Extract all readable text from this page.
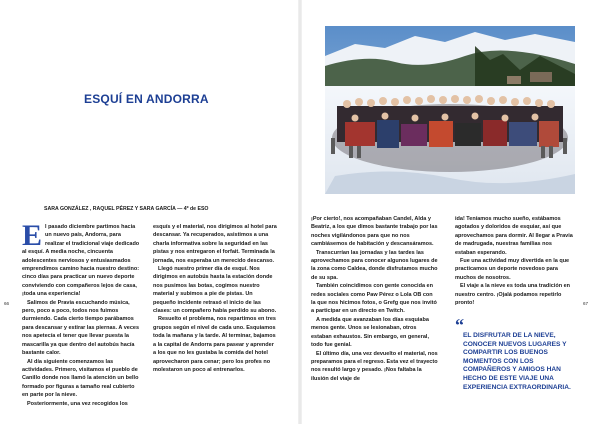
ESQUÍ EN ANDORRA
SARA GONZÁLEZ , RAQUEL PÉREZ Y SARA GARCÍA — 4º de ESO
E l pasado diciembre partimos hacia un nuevo país, Andorra, para realizar el tradicional viaje dedicado al esquí. A media noche, cincuenta adolescentes nerviosos y entusiasmados emprendimos camino hacia nuestro destino: cinco días para practicar un nuevo deporte conviviendo con compañeros lejos de casa, ¡toda una experiencia!

Salimos de Pravia escuchando música, pero, poco a poco, todos nos fuimos durmiendo. Cada cierto tiempo parábamos para descansar y estirar las piernas. A veces nos apetecía el tener que llevar puesta la mascarilla ya que dentro del autobús hacía bastante calor.

Al día siguiente comenzamos las actividades. Primero, visitamos el pueblo de Canillo donde nos llamó la atención un bello formado por figuras a tamaño real cubierto en parte por la nieve.

Posteriormente, una vez recogidos los

esquís y el material, nos dirigimos al hotel para descansar. Ya recuperados, asistimos a una charla informativa sobre la seguridad en las pistas y nos entregaron el forfait. Terminada la jornada, nos esperaba un merecido descanso.

Llegó nuestro primer día de esquí. Nos dirigimos en autobús hasta la estación donde nos pusimos las botas, cogimos nuestro material y subimos a pie de pistas. Un pequeño incidente retrasó el inicio de las clases: un compañero había perdido su abono.

Resuelto el problema, nos repartimos en tres grupos según el nivel de cada uno. Esquiamos toda la mañana y la tarde. Al terminar, bajamos a la capital de Andorra para pasear y aprender a los que no les gustaba la comida del hotel aprovecharon para cenar; pero los profes no molestaron un poco al entrenarlos.

66	67

¡Por cierto!, nos acompañaban Candel, Alda y Beatriz, a los que dimos bastante trabajo por las noches vigilándonos para que no nos cambiásemos de habitación y descansáramos.

Transcurrían las jornadas y las tardes las aprovechamos para conocer algunos lugares de la zona como Caldea, donde disfrutamos mucho de su spa.

También coincidimos con gente conocida en redes sociales como Paw Pérez o Lola OB con la que nos hicimos fotos, o Grefg que nos invitó a participar en un directo en Twitch.

A medida que avanzaban los días esquiaba menos gente. Unos se lesionaban, otros estaban exhaustos. Sin embargo, en general, todo fue genial.

El último día, una vez devuelto el material, nos preparamos para el regreso. Esta vez el trayecto nos resultó largo y pesado. ¡Nos faltaba la ilusión del viaje de

ida! Teníamos mucho sueño, estábamos agotados y doloridos de esquiar, así que aprovechamos para dormir. Al llegar a Pravia de madrugada, nuestras familias nos estaban esperando.

Fue una actividad muy divertida en la que practicamos un deporte novedoso para muchos de nosotros.

El viaje a la nieve es toda una tradición en nuestro centro. ¡Ojalá podamos repetirlo pronto!

“
EL DISFRUTAR DE LA NIEVE, CONOCER NUEVOS LUGARES Y COMPARTIR LOS BUENOS MOMENTOS CON LOS COMPAÑEROS Y AMIGOS HAN HECHO DE ESTE VIAJE UNA EXPERIENCIA EXTRAORDINARIA.
